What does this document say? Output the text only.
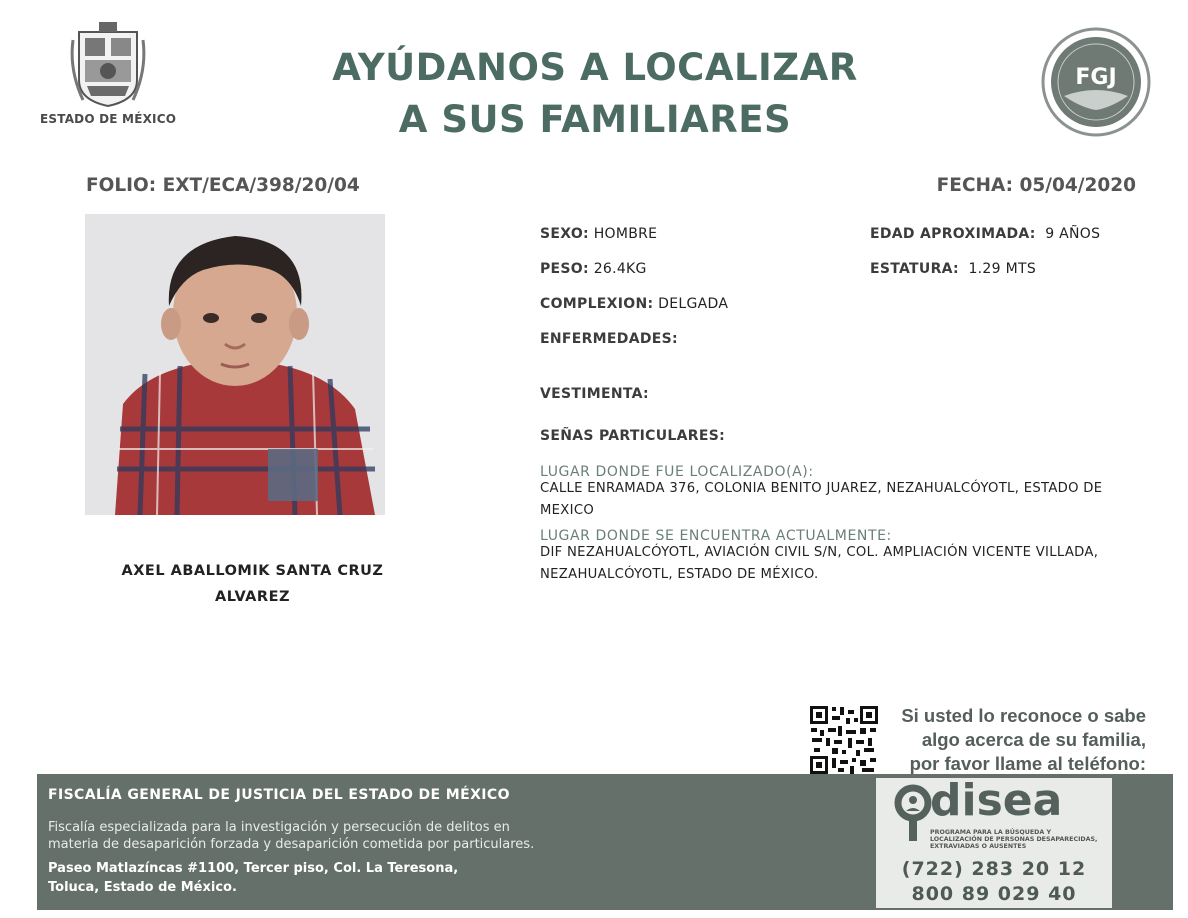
ESTADO DE MÉXICO
AYÚDANOS A LOCALIZAR
A SUS FAMILIARES
FGJ
FOLIO: EXT/ECA/398/20/04	FECHA: 05/04/2020
AXEL ABALLOMIK SANTA CRUZ
ALVAREZ
SEXO: HOMBRE
PESO: 26.4KG
COMPLEXION: DELGADA
ENFERMEDADES:
VESTIMENTA:
SEÑAS PARTICULARES:
EDAD APROXIMADA: 9 AÑOS
ESTATURA: 1.29 MTS
LUGAR DONDE FUE LOCALIZADO(A):
CALLE ENRAMADA 376, COLONIA BENITO JUAREZ, NEZAHUALCÓYOTL, ESTADO DE MEXICO
LUGAR DONDE SE ENCUENTRA ACTUALMENTE:
DIF NEZAHUALCÓYOTL, AVIACIÓN CIVIL S/N, COL. AMPLIACIÓN VICENTE VILLADA, NEZAHUALCÓYOTL, ESTADO DE MÉXICO.
Si usted lo reconoce o sabe
algo acerca de su familia,
por favor llame al teléfono:
FISCALÍA GENERAL DE JUSTICIA DEL ESTADO DE MÉXICO
Fiscalía especializada para la investigación y persecución de delitos en
materia de desaparición forzada y desaparición cometida por particulares.
Paseo Matlazíncas #1100, Tercer piso, Col. La Teresona,
Toluca, Estado de México.
disea
PROGRAMA PARA LA BÚSQUEDA Y LOCALIZACIÓN DE PERSONAS DESAPARECIDAS, EXTRAVIADAS O AUSENTES
(722) 283 20 12
800 89 029 40
